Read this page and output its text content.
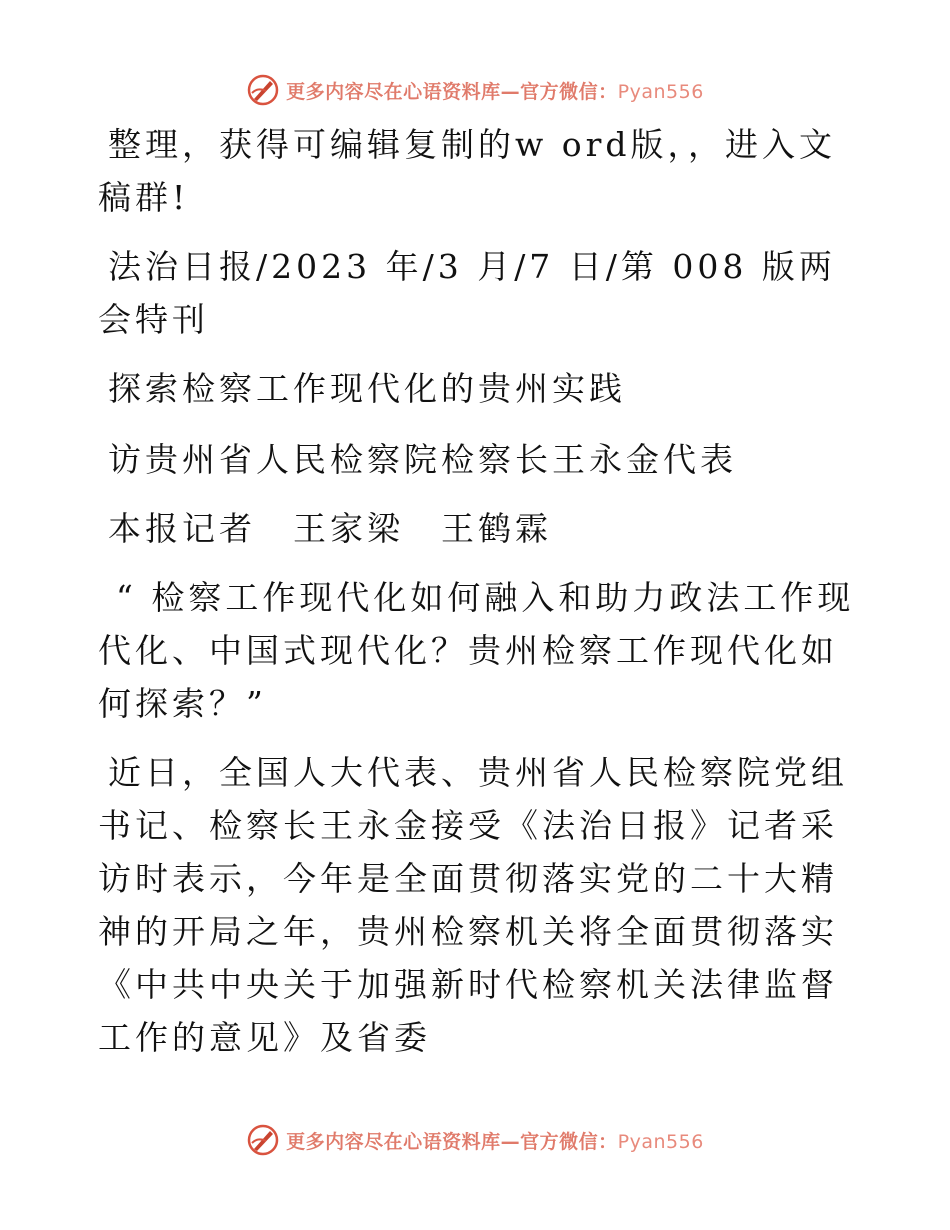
更多内容尽在心语资料库—官方微信：Pyan556

整理，获得可编辑复制的w ord版，，进入文稿群!

法治日报/2023 年/3 月/7 日/第 008 版两会特刊

探索检察工作现代化的贵州实践

访贵州省人民检察院检察长王永金代表

本报记者　王家梁　王鹤霖

“ 检察工作现代化如何融入和助力政法工作现代化、中国式现代化？贵州检察工作现代化如何探索？”

近日，全国人大代表、贵州省人民检察院党组书记、检察长王永金接受《法治日报》记者采访时表示，今年是全面贯彻落实党的二十大精神的开局之年，贵州检察机关将全面贯彻落实《中共中央关于加强新时代检察机关法律监督工作的意见》及省委

更多内容尽在心语资料库—官方微信：Pyan556
